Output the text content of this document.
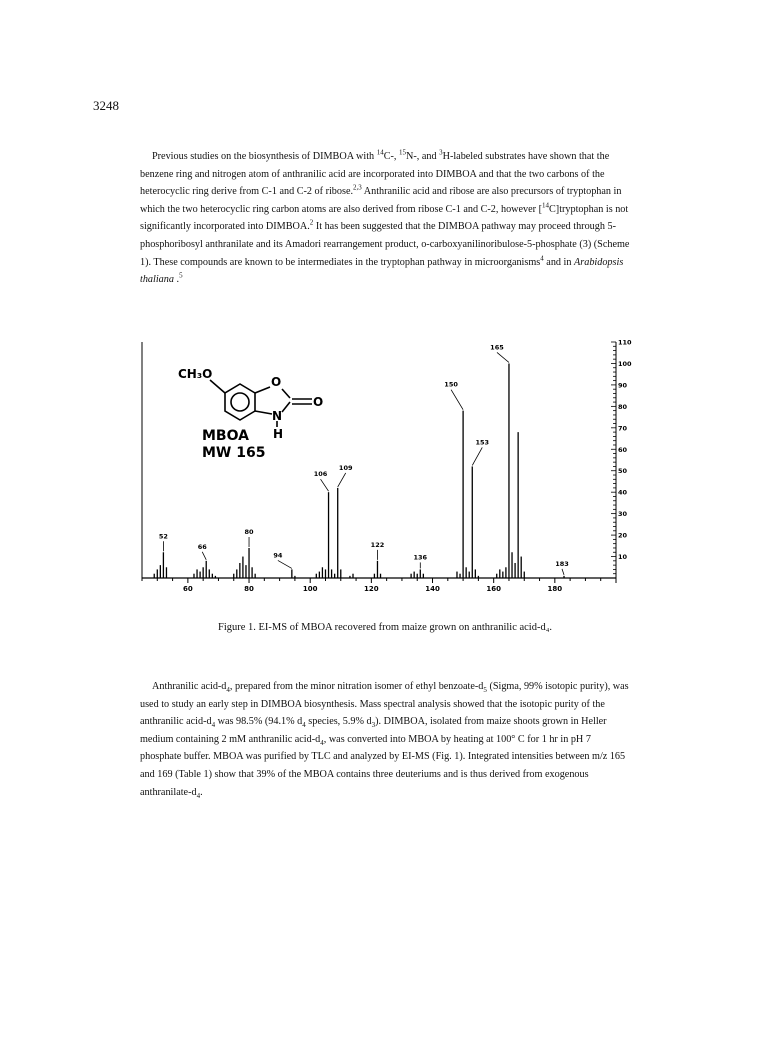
3248
Previous studies on the biosynthesis of DIMBOA with $^{14}$C-, $^{15}$N-, and $^3$H-labeled substrates have shown that the benzene ring and nitrogen atom of anthranilic acid are incorporated into DIMBOA and that the two carbons of the heterocyclic ring derive from C-1 and C-2 of ribose.$^{2,3}$ Anthranilic acid and ribose are also precursors of tryptophan in which the two heterocyclic ring carbon atoms are also derived from ribose C-1 and C-2, however [$^{14}$C]tryptophan is not significantly incorporated into DIMBOA.$^2$ It has been suggested that the DIMBOA pathway may proceed through 5-phosphoribosyl anthranilate and its Amadori rearrangement product, o-carboxyanilinoribulose-5-phosphate (3) (Scheme 1). These compounds are known to be intermediates in the tryptophan pathway in microorganisms$^4$ and in Arabidopsis thaliana .$^5$
CH₃O
O
O
N
H
MBOA
MW 165
60	80	100	120	140	160	180
10
20
30
40
50
60
70
80
90
100
110
52
66
80
94
106
109
122
136
150
153
165
183
Figure 1. EI-MS of MBOA recovered from maize grown on anthranilic acid-d₄.
Anthranilic acid-$d_4$, prepared from the minor nitration isomer of ethyl benzoate-$d_5$ (Sigma, 99% isotopic purity), was used to study an early step in DIMBOA biosynthesis. Mass spectral analysis showed that the isotopic purity of the anthranilic acid-$d_4$ was 98.5% (94.1% $d_4$ species, 5.9% $d_3$). DIMBOA, isolated from maize shoots grown in Heller medium containing 2 mM anthranilic acid-$d_4$, was converted into MBOA by heating at 100° C for 1 hr in pH 7 phosphate buffer. MBOA was purified by TLC and analyzed by EI-MS (Fig. 1). Integrated intensities between m/z 165 and 169 (Table 1) show that 39% of the MBOA contains three deuteriums and is thus derived from exogenous anthranilate-$d_4$.
